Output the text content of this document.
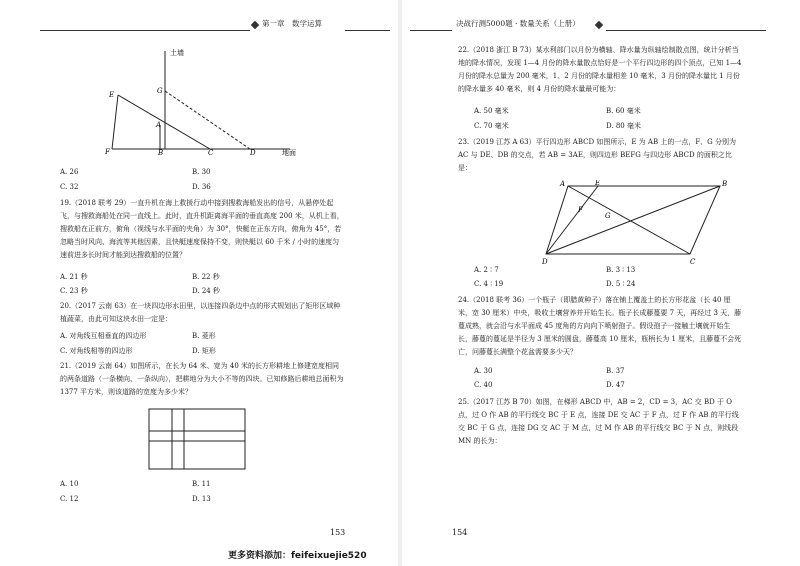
第一章　数学运算
土墙
地面
E	G
A
F	B	C	D
A. 26	B. 30
C. 32	D. 36
19.（2018 联考 29）一直升机在海上救援行动中接到搜救海船发出的信号，从悬停处起飞，与搜救海船处在同一直线上。此时，直升机距离海平面的垂直高度 200 米，从机上看，搜救船在正前方，俯角（视线与水平面的夹角）为 30°，快艇在正东方向，俯角为 45°，若忽略当时风向、海流等其他因素，且快艇速度保持不变，则快艇以 60 千米 / 小时的速度匀速前进多长时间才能到达搜救船的位置？
A. 21 秒	B. 22 秒
C. 23 秒	D. 24 秒
20.（2017 云南 63）在一块四边形水田里，以连接四条边中点的形式规划出了矩形区域种植蔬菜，由此可知这块水田一定是：
A. 对角线互相垂直的四边形	B. 菱形
C. 对角线相等的四边形	D. 矩形
21.（2019 云南 64）如图所示，在长为 64 米、宽为 40 米的长方形耕地上修建宽度相同的两条道路（一条横向、一条纵向），把耕地分为大小不等的四块。已知修路后耕地总面积为 1377 平方米，则该道路的宽度为多少米？
A. 10	B. 11
C. 12	D. 13
153
决战行测5000题 · 数量关系（上册）
22.（2018 浙江 B 73）某水利部门以月份为横轴、降水量为纵轴绘制散点图，统计分析当地的降水情况，发现 1—4 月份的降水量散点恰好是一个平行四边形的四个顶点，已知 1—4 月份的降水总量为 200 毫米，1、2 月份的降水量相差 10 毫米，3 月份的降水量比 1 月份的降水量多 40 毫米，则 4 月份的降水量最可能为：
A. 50 毫米	B. 60 毫米
C. 70 毫米	D. 80 毫米
23.（2019 江苏 A 63）平行四边形 ABCD 如图所示，E 为 AB 上的一点，F、G 分别为 AC 与 DE、DB 的交点，若 AB = 3AE，则四边形 BEFG 与四边形 ABCD 的面积之比是：
A	E	B
F
G
D	C
A. 2 ∶ 7	B. 3 ∶ 13
C. 4 ∶ 19	D. 5 ∶ 24
24.（2018 联考 36）一个瓶子（即腊黄种子）落在铺上覆盖土的长方形花盆（长 40 厘米，宽 30 厘米）中央，吸收土壤营养并开始生长。瓶子长成藤蔓要 7 天，再经过 3 天，藤蔓成熟，就会沿与水平面成 45 度角的方向向下喷射孢子。假设孢子一接触土壤就开始生长，藤蔓的蔓延是半径为 3 厘米的圆盘，藤蔓高 10 厘米，瓶柄长为 1 厘米，且藤蔓不会死亡，问藤蔓长满整个花盆需要多少天？
A. 30	B. 37
C. 40	D. 47
25.（2017 江苏 B 70）如图，在梯形 ABCD 中，AB = 2，CD = 3，AC 交 BD 于 O 点，过 O 作 AB 的平行线交 BC 于 E 点，连接 DE 交 AC 于 F 点，过 F 作 AB 的平行线交 BC 于 G 点，连接 DG 交 AC 于 M 点，过 M 作 AB 的平行线交 BC 于 N 点，则线段 MN 的长为：
154
更多资料添加：feifeixuejie520
